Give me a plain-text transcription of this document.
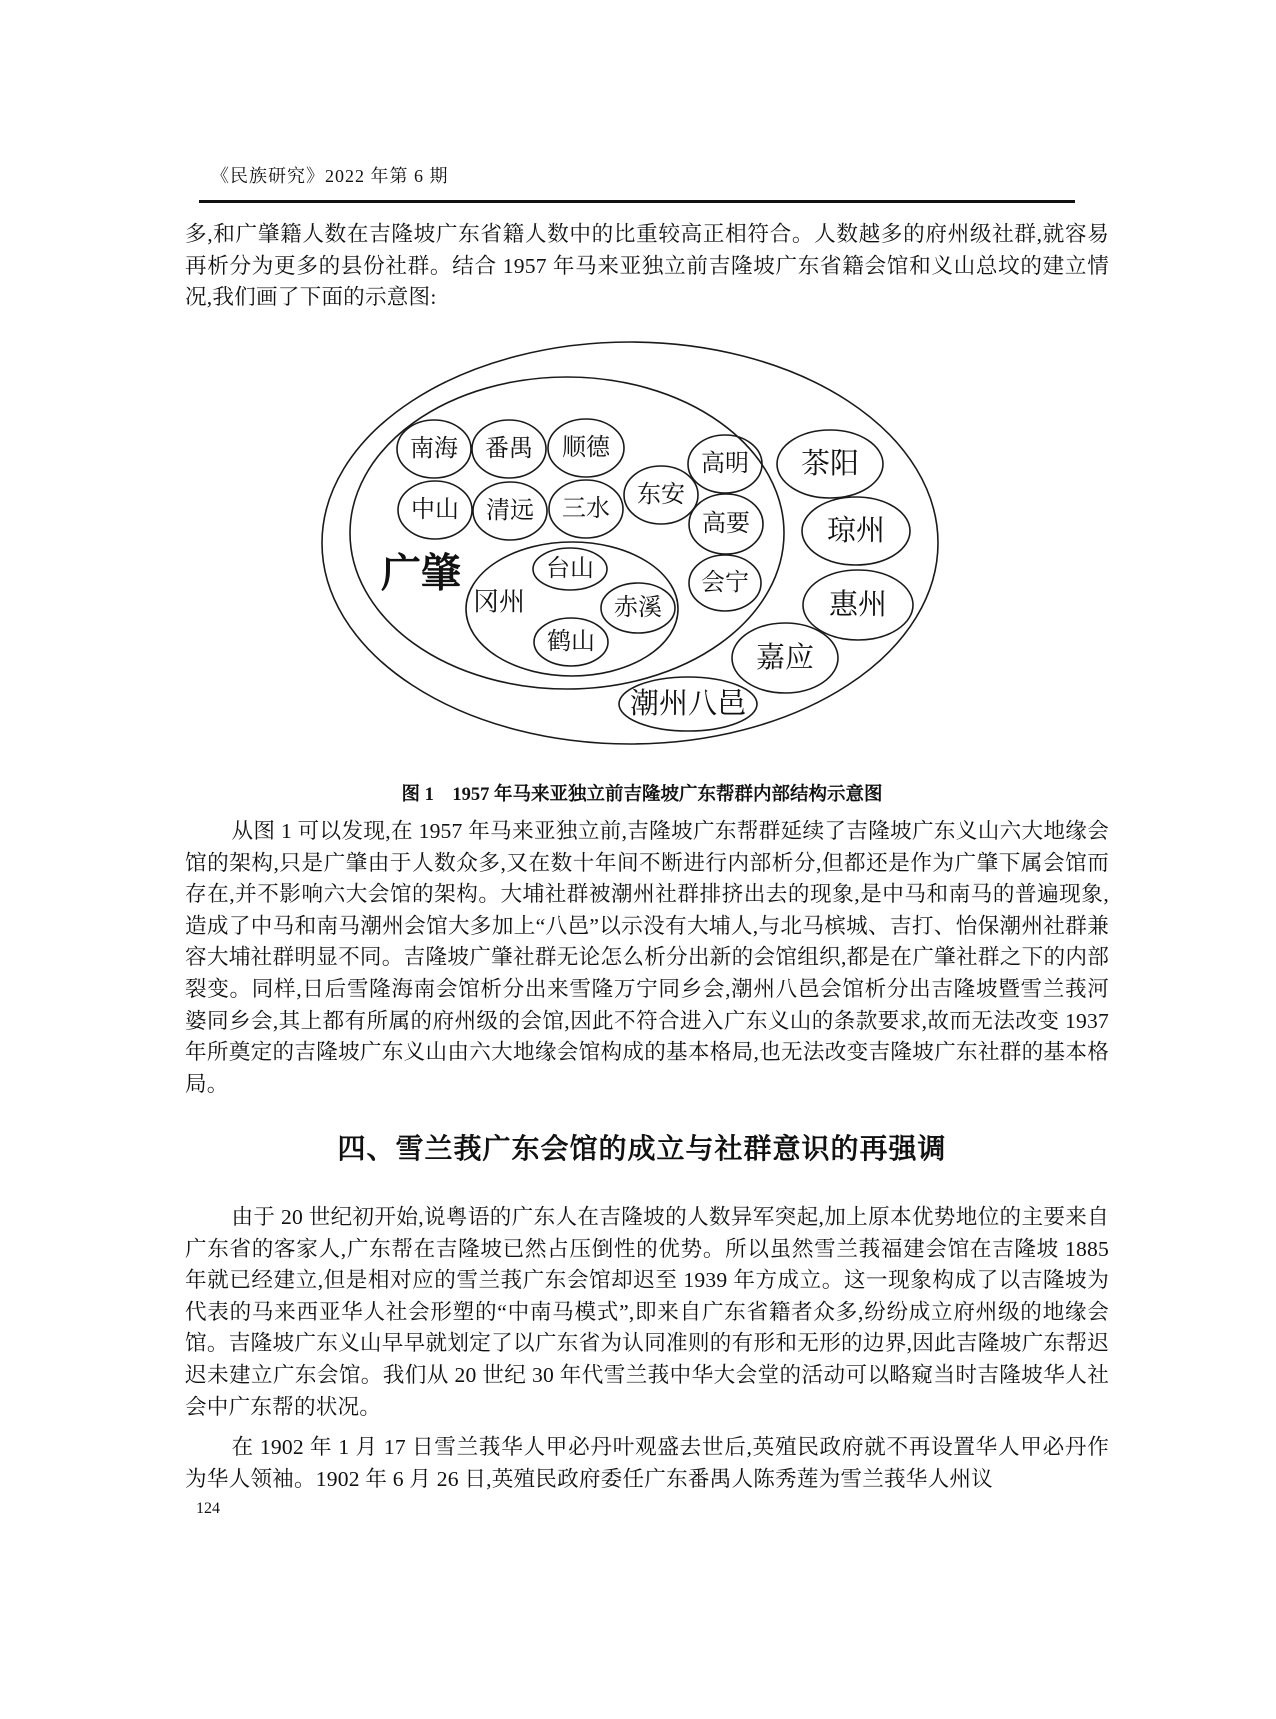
《民族研究》2022 年第 6 期
多,和广肇籍人数在吉隆坡广东省籍人数中的比重较高正相符合。人数越多的府州级社群,就容易再析分为更多的县份社群。结合 1957 年马来亚独立前吉隆坡广东省籍会馆和义山总坟的建立情况,我们画了下面的示意图:
广肇
冈州
南海 番禺 顺德
中山 清远 三水
东安
高明
高要
会宁
台山
赤溪
鹤山
茶阳
琼州
惠州
嘉应
潮州八邑
图 1　1957 年马来亚独立前吉隆坡广东帮群内部结构示意图
从图 1 可以发现,在 1957 年马来亚独立前,吉隆坡广东帮群延续了吉隆坡广东义山六大地缘会馆的架构,只是广肇由于人数众多,又在数十年间不断进行内部析分,但都还是作为广肇下属会馆而存在,并不影响六大会馆的架构。大埔社群被潮州社群排挤出去的现象,是中马和南马的普遍现象,造成了中马和南马潮州会馆大多加上“八邑”以示没有大埔人,与北马槟城、吉打、怡保潮州社群兼容大埔社群明显不同。吉隆坡广肇社群无论怎么析分出新的会馆组织,都是在广肇社群之下的内部裂变。同样,日后雪隆海南会馆析分出来雪隆万宁同乡会,潮州八邑会馆析分出吉隆坡暨雪兰莪河婆同乡会,其上都有所属的府州级的会馆,因此不符合进入广东义山的条款要求,故而无法改变 1937 年所奠定的吉隆坡广东义山由六大地缘会馆构成的基本格局,也无法改变吉隆坡广东社群的基本格局。
四、雪兰莪广东会馆的成立与社群意识的再强调
由于 20 世纪初开始,说粤语的广东人在吉隆坡的人数异军突起,加上原本优势地位的主要来自广东省的客家人,广东帮在吉隆坡已然占压倒性的优势。所以虽然雪兰莪福建会馆在吉隆坡 1885 年就已经建立,但是相对应的雪兰莪广东会馆却迟至 1939 年方成立。这一现象构成了以吉隆坡为代表的马来西亚华人社会形塑的“中南马模式”,即来自广东省籍者众多,纷纷成立府州级的地缘会馆。吉隆坡广东义山早早就划定了以广东省为认同准则的有形和无形的边界,因此吉隆坡广东帮迟迟未建立广东会馆。我们从 20 世纪 30 年代雪兰莪中华大会堂的活动可以略窥当时吉隆坡华人社会中广东帮的状况。
在 1902 年 1 月 17 日雪兰莪华人甲必丹叶观盛去世后,英殖民政府就不再设置华人甲必丹作为华人领袖。1902 年 6 月 26 日,英殖民政府委任广东番禺人陈秀莲为雪兰莪华人州议
124
